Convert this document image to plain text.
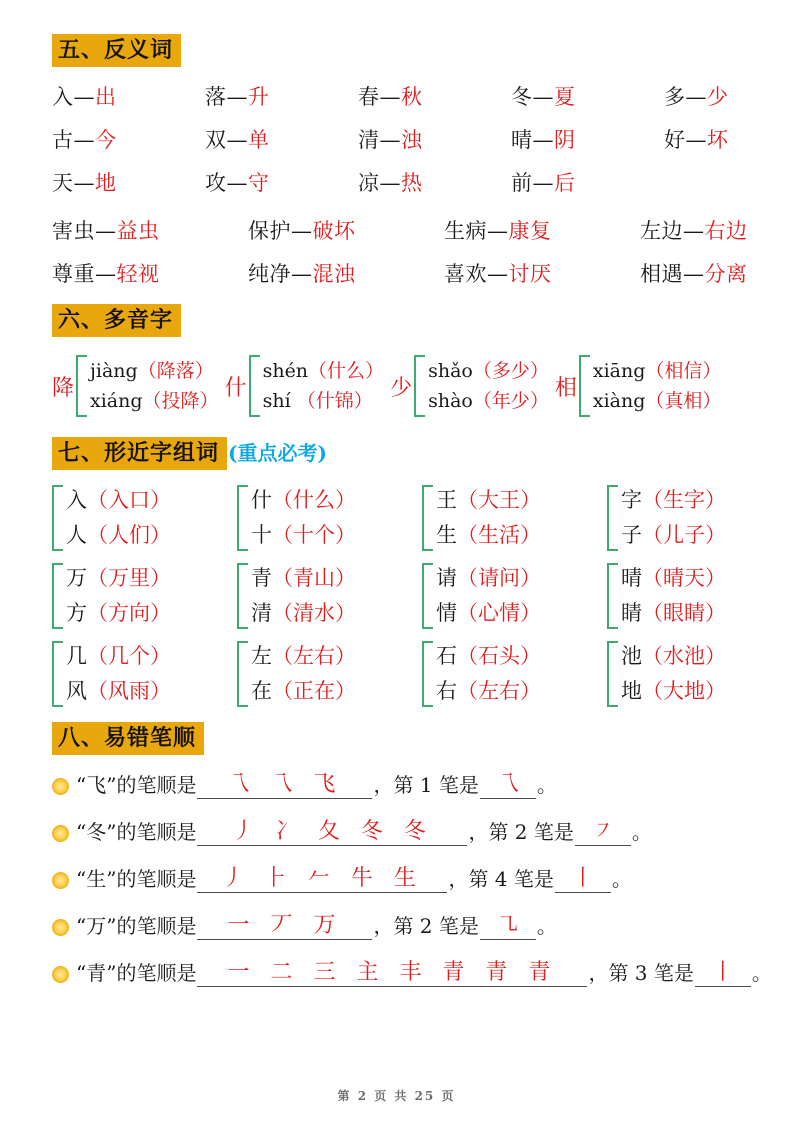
五、反义词
入—出	落—升	春—秋	冬—夏	多—少
古—今	双—单	清—浊	晴—阴	好—坏
天—地	攻—守	凉—热	前—后
害虫—益虫	保护—破坏	生病—康复	左边—右边
尊重—轻视	纯净—混浊	喜欢—讨厌	相遇—分离
六、多音字
降
jiàng（降落）
xiáng（投降）
什
shén（什么）
shí （什锦）
少
shǎo（多少）
shào（年少）
相
xiāng（相信）
xiàng（真相）
七、形近字组词 (重点必考)
入（入口）
人（人们）
什（什么）
十（十个）
王（大王）
生（生活）
字（生字）
子（儿子）
万（万里）
方（方向）
青（青山）
清（清水）
请（请问）
情（心情）
晴（晴天）
睛（眼睛）
几（几个）
风（风雨）
左（左右）
在（正在）
石（石头）
右（左右）
池（水池）
地（大地）
八、易错笔顺
“飞”的笔顺是	乁 乁 飞	，第 1 笔是 乁 。
“冬”的笔顺是	丿 冫 夂 冬 冬	，第 2 笔是 ㇇ 。
“生”的笔顺是	丿 ⺊ 𠂉 牛 生	，第 4 笔是 丨 。
“万”的笔顺是	一 丆 万	，第 2 笔是 ㇈ 。
“青”的笔顺是	一 二 三 主 丰 青 青 青	，第 3 笔是 丨 。
第 2 页 共 25 页
